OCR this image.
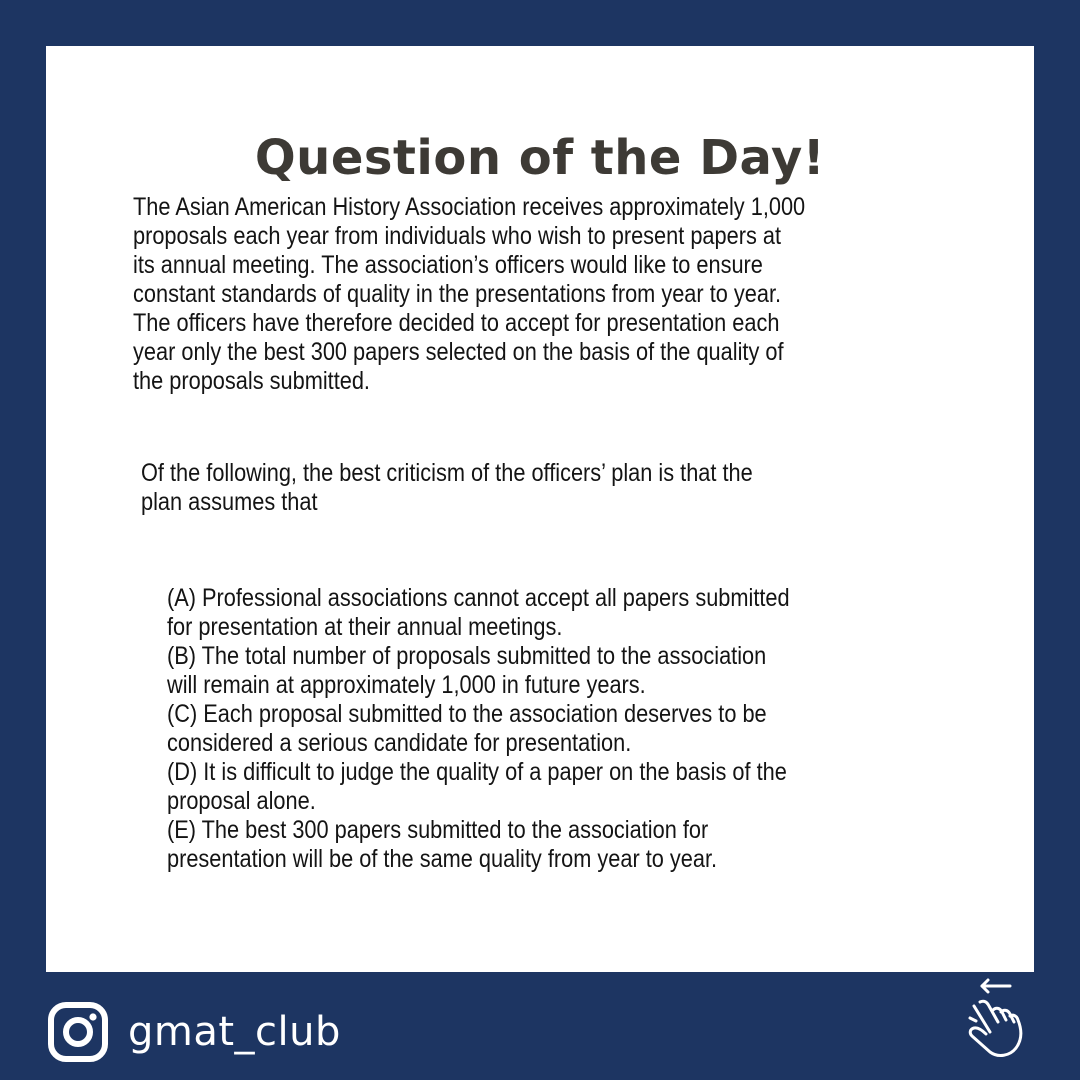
Question of the Day!
The Asian American History Association receives approximately 1,000
proposals each year from individuals who wish to present papers at
its annual meeting. The association’s officers would like to ensure
constant standards of quality in the presentations from year to year.
The officers have therefore decided to accept for presentation each
year only the best 300 papers selected on the basis of the quality of
the proposals submitted.
Of the following, the best criticism of the officers’ plan is that the
plan assumes that
(A) Professional associations cannot accept all papers submitted
for presentation at their annual meetings.
(B) The total number of proposals submitted to the association
will remain at approximately 1,000 in future years.
(C) Each proposal submitted to the association deserves to be
considered a serious candidate for presentation.
(D) It is difficult to judge the quality of a paper on the basis of the
proposal alone.
(E) The best 300 papers submitted to the association for
presentation will be of the same quality from year to year.
gmat_club
